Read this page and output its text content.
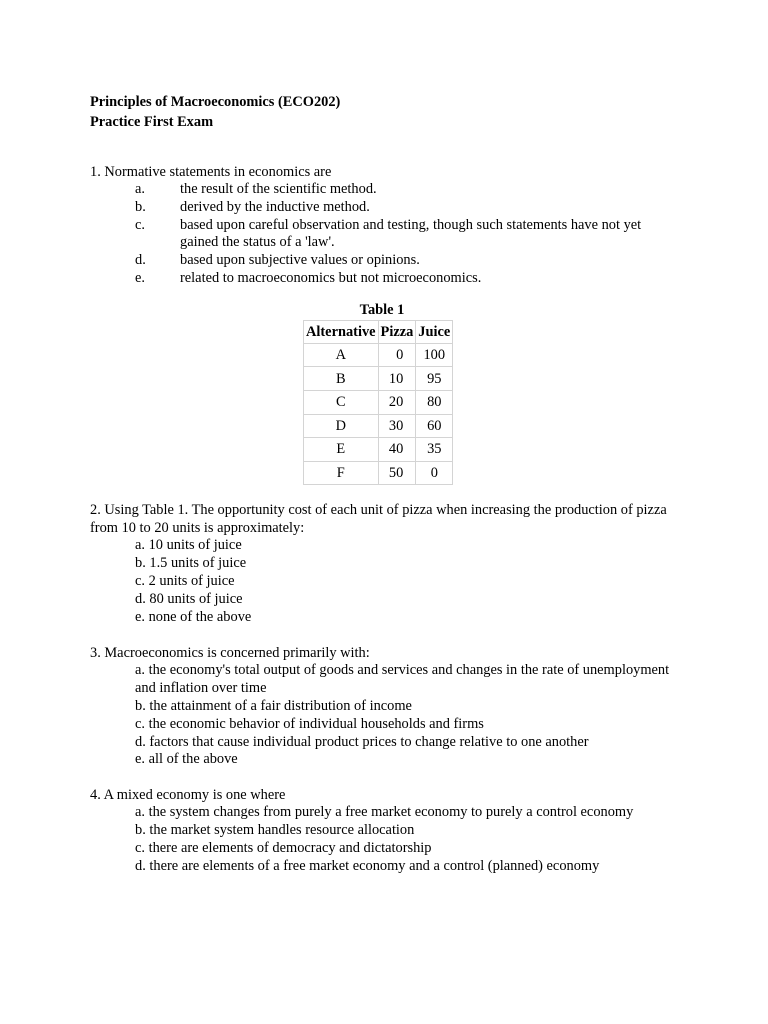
Principles of Macroeconomics (ECO202)
Practice First Exam
1. Normative statements in economics are
a.	the result of the scientific method.
b.	derived by the inductive method.
c.	based upon careful observation and testing, though such statements have not yet gained the status of a 'law'.
d.	based upon subjective values or opinions.
e.	related to macroeconomics but not microeconomics.
Table 1
Alternative	Pizza	Juice
A	0	100
B	10	95
C	20	80
D	30	60
E	40	35
F	50	0
2. Using Table 1. The opportunity cost of each unit of pizza when increasing the production of pizza from 10 to 20 units is approximately:
a. 10 units of juice
b. 1.5 units of juice
c. 2 units of juice
d. 80 units of juice
e. none of the above
3. Macroeconomics is concerned primarily with:
a. the economy's total output of goods and services and changes in the rate of unemployment and inflation over time
b. the attainment of a fair distribution of income
c. the economic behavior of individual households and firms
d. factors that cause individual product prices to change relative to one another
e. all of the above
4. A mixed economy is one where
a. the system changes from purely a free market economy to purely a control economy
b. the market system handles resource allocation
c. there are elements of democracy and dictatorship
d. there are elements of a free market economy and a control (planned) economy
